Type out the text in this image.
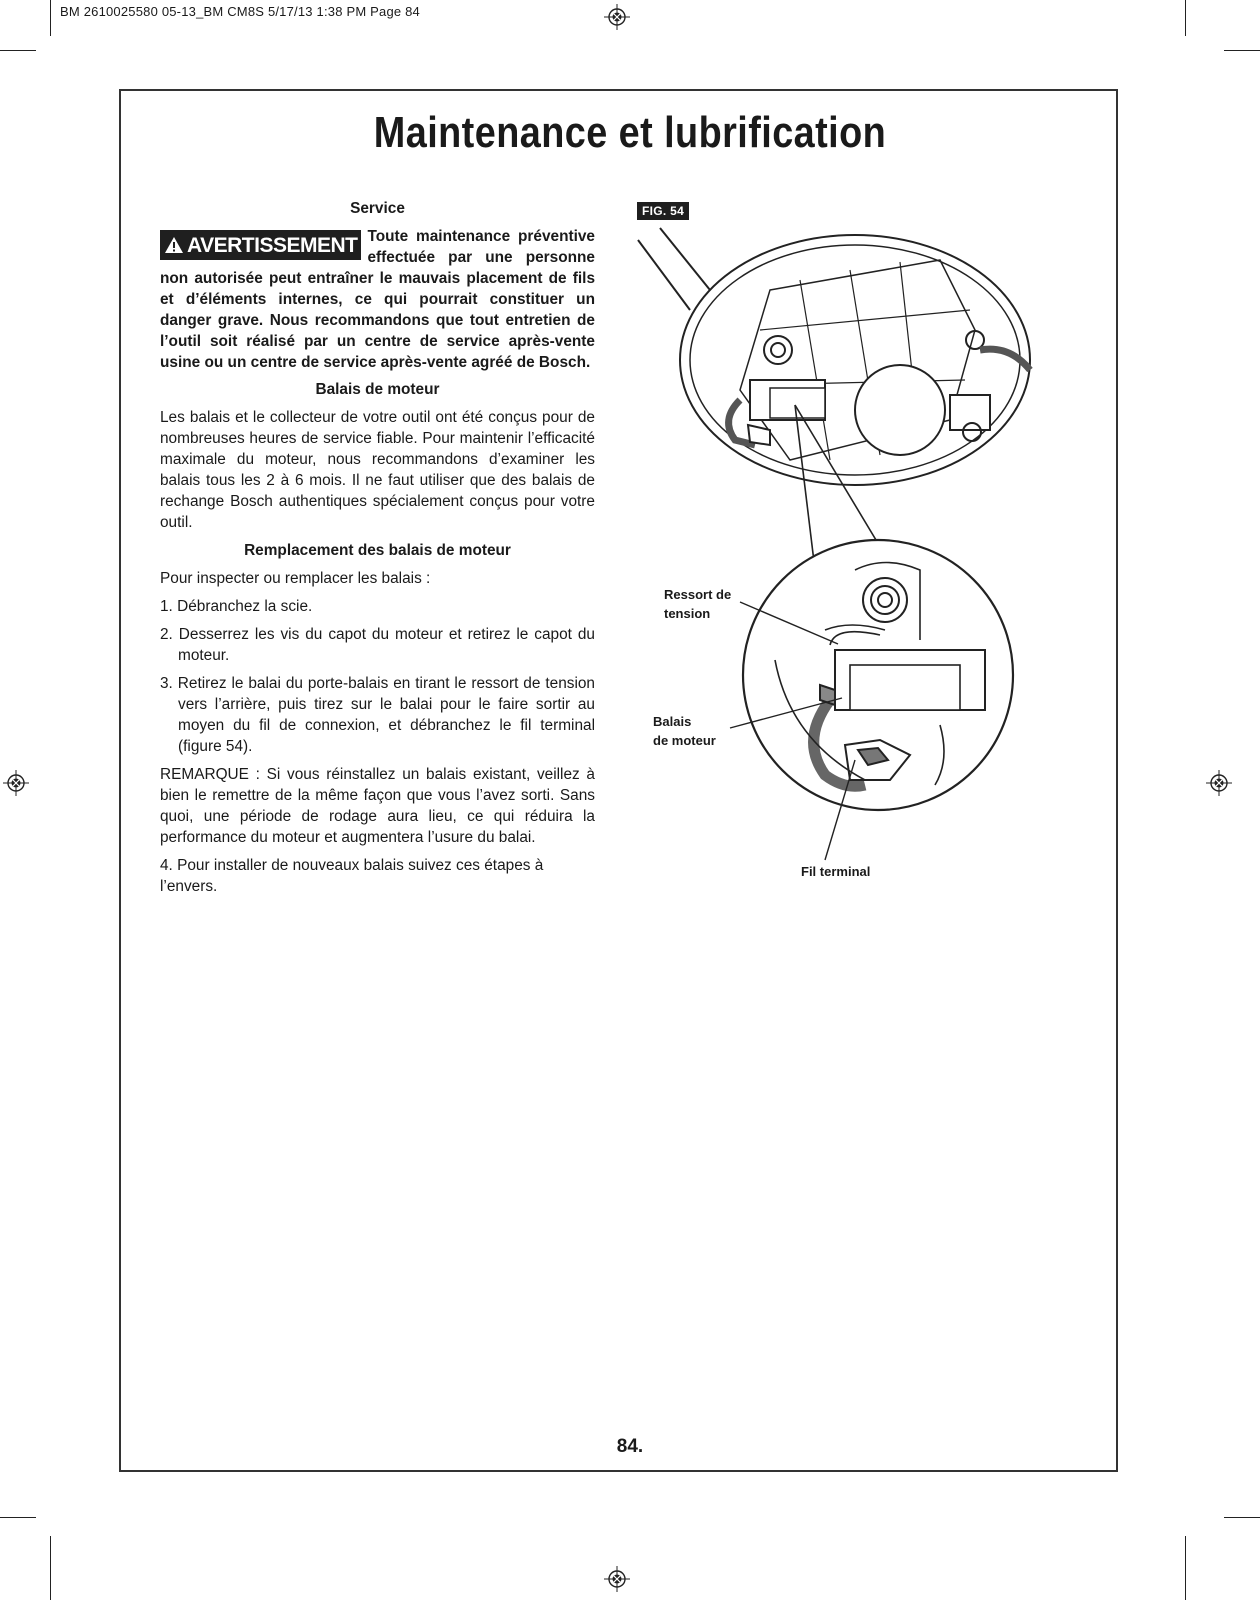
BM 2610025580 05-13_BM CM8S 5/17/13 1:38 PM Page 84
Maintenance et lubrification
Service
AVERTISSEMENT Toute maintenance préventive effectuée par une personne non autorisée peut entraîner le mauvais placement de fils et d’éléments internes, ce qui pourrait constituer un danger grave. Nous recommandons que tout entretien de l’outil soit réalisé par un centre de service après-vente usine ou un centre de service après-vente agréé de Bosch.
Balais de moteur

Les balais et le collecteur de votre outil ont été conçus pour de nombreuses heures de service fiable. Pour maintenir l’efficacité maximale du moteur, nous recommandons d’examiner les balais tous les 2 à 6 mois. Il ne faut utiliser que des balais de rechange Bosch authentiques spécialement conçus pour votre outil.

Remplacement des balais de moteur

Pour inspecter ou remplacer les balais :

1. Débranchez la scie.
2. Desserrez les vis du capot du moteur et retirez le capot du moteur.
3. Retirez le balai du porte-balais en tirant le ressort de tension vers l’arrière, puis tirez sur le balai pour le faire sortir au moyen du fil de connexion, et débranchez le fil terminal (figure 54).

REMARQUE : Si vous réinstallez un balais existant, veillez à bien le remettre de la même façon que vous l’avez sorti. Sans quoi, une période de rodage aura lieu, ce qui réduira la performance du moteur et augmentera l’usure du balai.

4. Pour installer de nouveaux balais suivez ces étapes à l’envers.

FIG. 54
Ressort de
tension
Balais
de moteur
Fil terminal
84.
